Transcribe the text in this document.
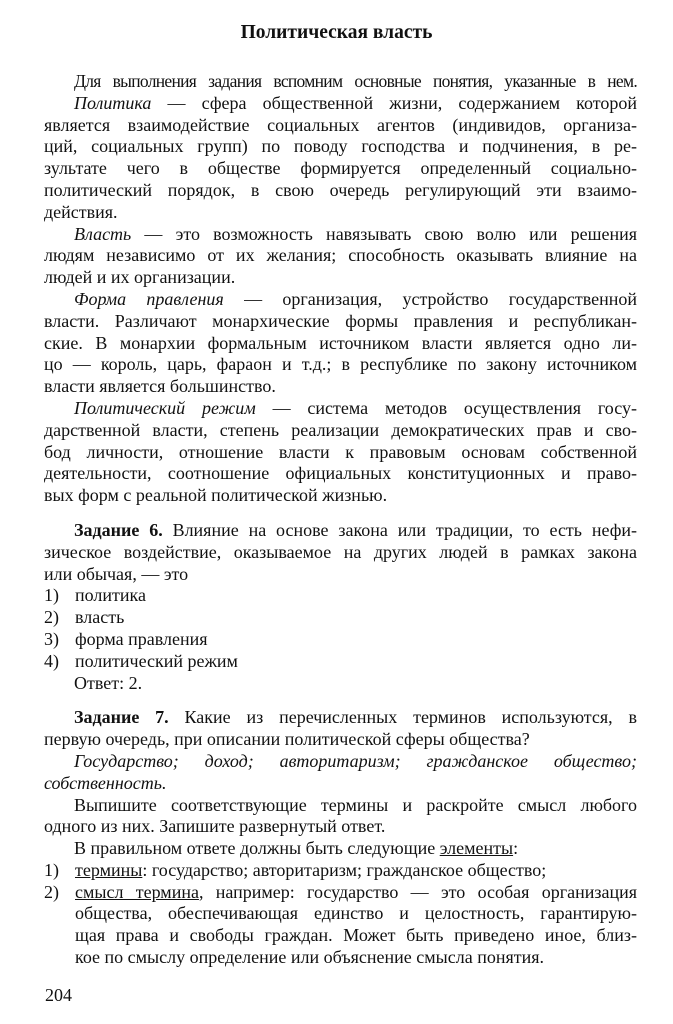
Политическая власть
Для выполнения задания вспомним основные понятия, указанные в нем.
Политика — сфера общественной жизни, содержанием которой
является взаимодействие социальных агентов (индивидов, организа-
ций, социальных групп) по поводу господства и подчинения, в ре-
зультате чего в обществе формируется определенный социально-
политический порядок, в свою очередь регулирующий эти взаимо-
действия.
Власть — это возможность навязывать свою волю или решения
людям независимо от их желания; способность оказывать влияние на
людей и их организации.
Форма правления — организация, устройство государственной
власти. Различают монархические формы правления и республикан-
ские. В монархии формальным источником власти является одно ли-
цо — король, царь, фараон и т.д.; в республике по закону источником
власти является большинство.
Политический режим — система методов осуществления госу-
дарственной власти, степень реализации демократических прав и сво-
бод личности, отношение власти к правовым основам собственной
деятельности, соотношение официальных конституционных и право-
вых форм с реальной политической жизнью.
Задание 6. Влияние на основе закона или традиции, то есть нефи-
зическое воздействие, оказываемое на других людей в рамках закона
или обычая, — это
1) политика
2) власть
3) форма правления
4) политический режим
Ответ: 2.
Задание 7. Какие из перечисленных терминов используются, в
первую очередь, при описании политической сферы общества?
Государство; доход; авторитаризм; гражданское общество;
собственность.
Выпишите соответствующие термины и раскройте смысл любого
одного из них. Запишите развернутый ответ.
В правильном ответе должны быть следующие элементы:
1) термины: государство; авторитаризм; гражданское общество;
2) смысл термина, например: государство — это особая организация
общества, обеспечивающая единство и целостность, гарантирую-
щая права и свободы граждан. Может быть приведено иное, близ-
кое по смыслу определение или объяснение смысла понятия.
204
